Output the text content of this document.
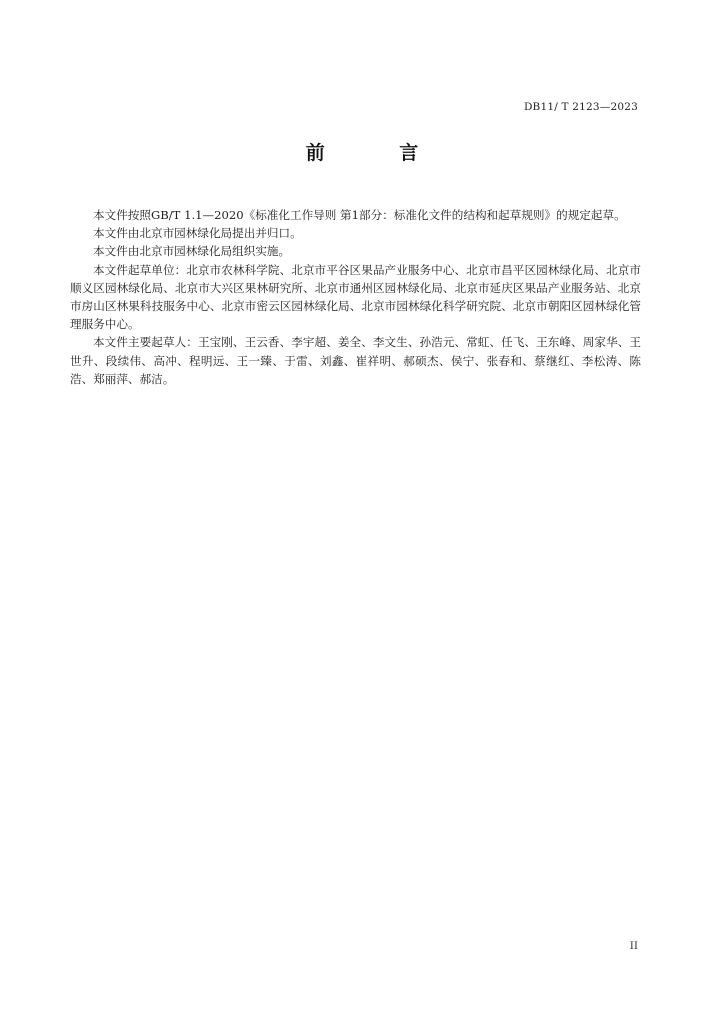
DB11/ T 2123—2023
前 言

本文件按照GB/T 1.1—2020《标准化工作导则 第1部分：标准化文件的结构和起草规则》的规定起草。

本文件由北京市园林绿化局提出并归口。

本文件由北京市园林绿化局组织实施。

本文件起草单位：北京市农林科学院、北京市平谷区果品产业服务中心、北京市昌平区园林绿化局、北京市顺义区园林绿化局、北京市大兴区果林研究所、北京市通州区园林绿化局、北京市延庆区果品产业服务站、北京市房山区林果科技服务中心、北京市密云区园林绿化局、北京市园林绿化科学研究院、北京市朝阳区园林绿化管理服务中心。

本文件主要起草人：王宝刚、王云香、李宇超、姜全、李文生、孙浩元、常虹、任飞、王东峰、周家华、王世升、段续伟、高冲、程明远、王一臻、于雷、刘鑫、崔祥明、郝硕杰、侯宁、张春和、蔡继红、李松涛、陈浩、郑丽萍、郝洁。

II
